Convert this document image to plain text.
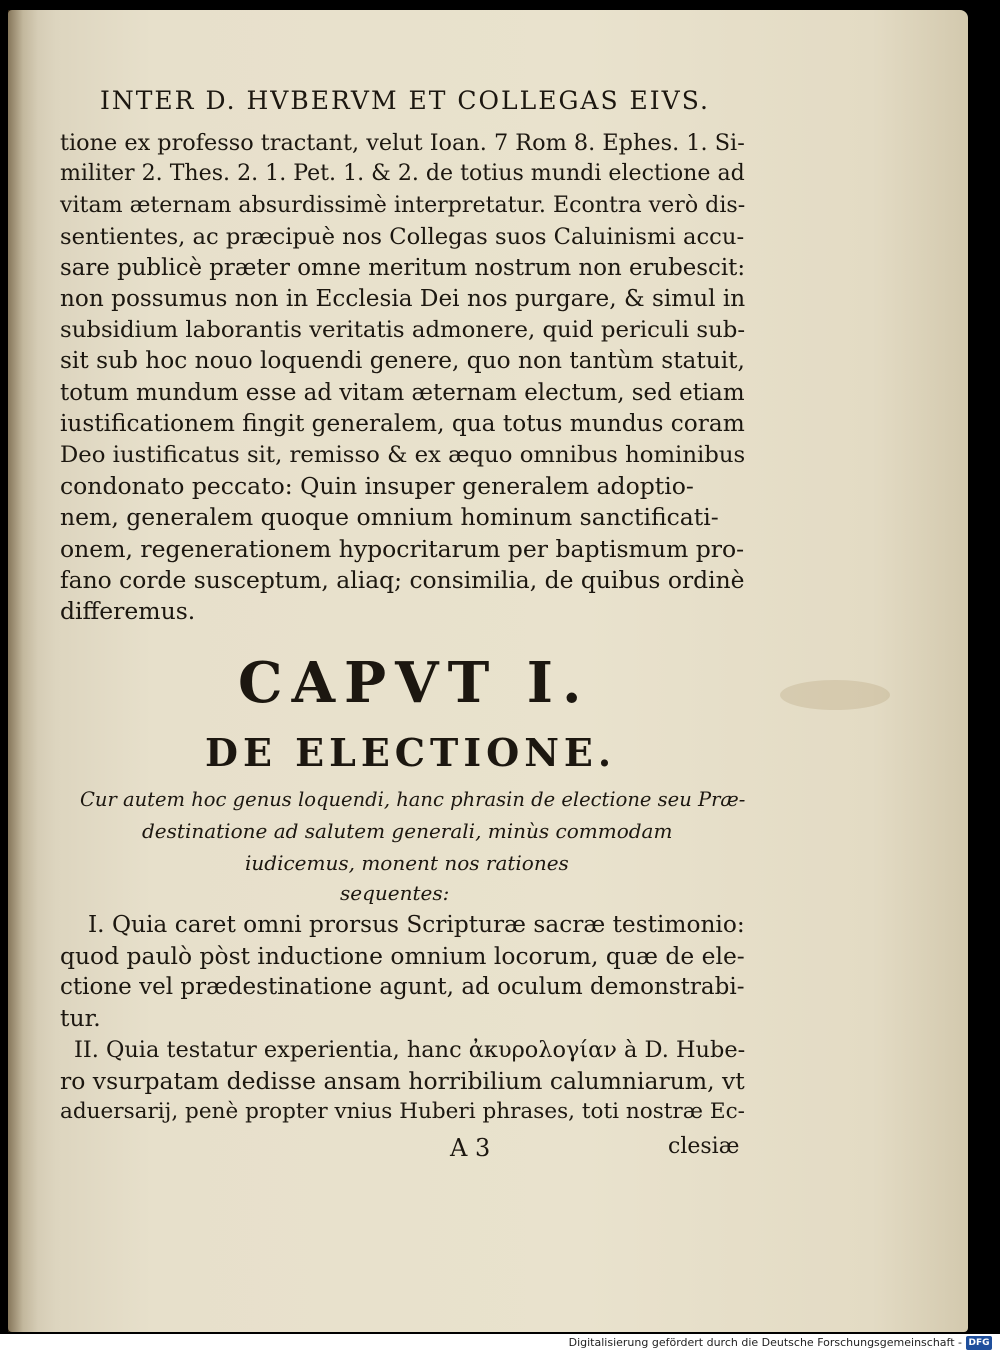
INTER D. HVBERVM ET COLLEGAS EIVS.
tione ex professo tractant, velut Ioan. 7 Rom 8. Ephes. 1. Si-
militer 2. Thes. 2. 1. Pet. 1. & 2. de totius mundi electione ad
vitam æternam absurdissimè interpretatur. Econtra verò dis-
sentientes, ac præcipuè nos Collegas suos Caluinismi accu-
sare publicè præter omne meritum nostrum non erubescit:
non possumus non in Ecclesia Dei nos purgare, & simul in
subsidium laborantis veritatis admonere, quid periculi sub-
sit sub hoc nouo loquendi genere, quo non tantùm statuit,
totum mundum esse ad vitam æternam electum, sed etiam
iustificationem fingit generalem, qua totus mundus coram
Deo iustificatus sit, remisso & ex æquo omnibus hominibus
condonato peccato: Quin insuper generalem adoptio-
nem, generalem quoque omnium hominum sanctificati-
onem, regenerationem hypocritarum per baptismum pro-
fano corde susceptum, aliaq; consimilia, de quibus ordinè
differemus.
CAPVT I.
DE ELECTIONE.

Cur autem hoc genus loquendi, hanc phrasin de electione seu Præ-

destinatione ad salutem generali, minùs commodam

iudicemus, monent nos rationes

sequentes:

I. Quia caret omni prorsus Scripturæ sacræ testimonio:
quod paulò pòst inductione omnium locorum, quæ de ele-
ctione vel prædestinatione agunt, ad oculum demonstrabi-
tur.
II. Quia testatur experientia, hanc ἀκυρολογίαν à D. Hube-
ro vsurpatam dedisse ansam horribilium calumniarum, vt
aduersarij, penè propter vnius Huberi phrases, toti nostræ Ec-
A 3	clesiæ
Digitalisierung gefördert durch die Deutsche Forschungsgemeinschaft - DFG
